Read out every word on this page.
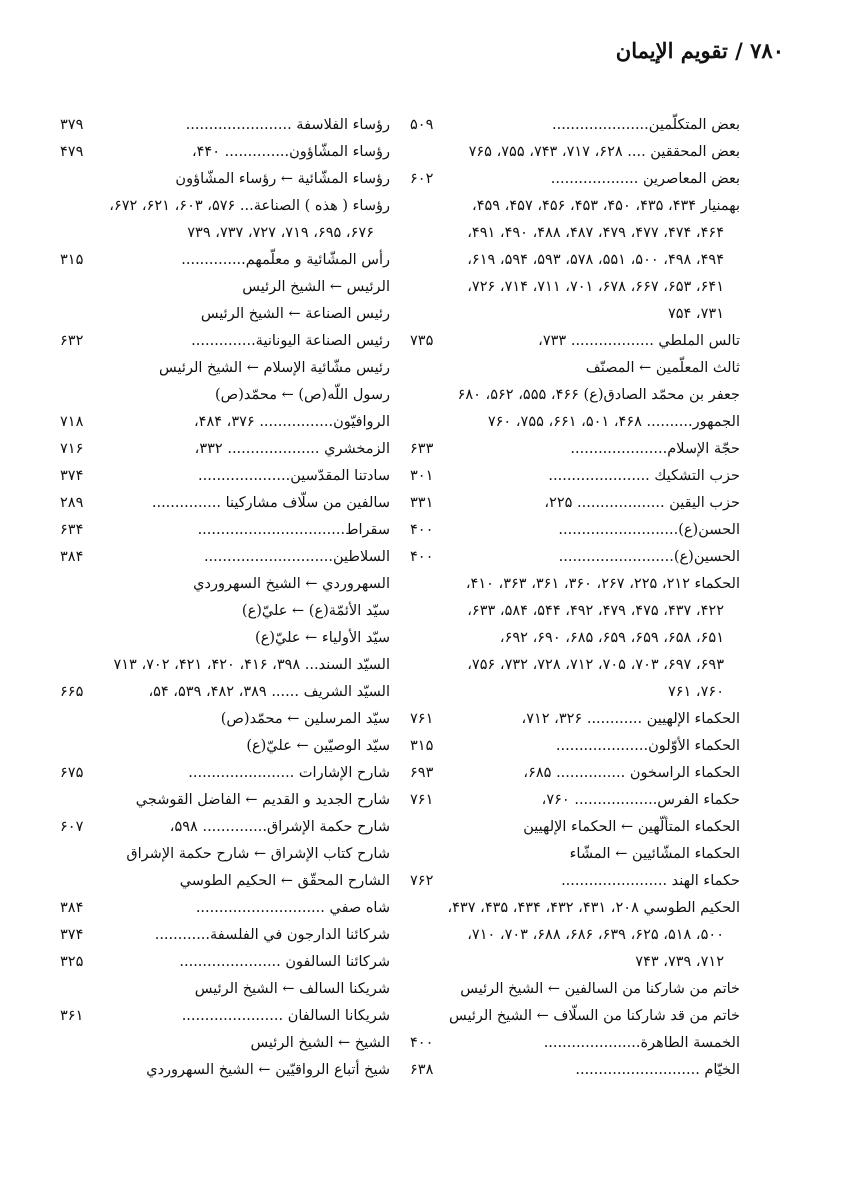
۷۸۰ / تقويم الإيمان
بعض المتكلّمين.....................
۵۰۹
بعض المحققين .... ۶۲۸، ۷۱۷، ۷۴۳، ۷۵۵، ۷۶۵
بعض المعاصرين ...................
۶۰۲
بهمنيار ۴۳۴، ۴۳۵، ۴۵۰، ۴۵۳، ۴۵۶، ۴۵۷، ۴۵۹،
۴۶۴، ۴۷۴، ۴۷۷، ۴۷۹، ۴۸۷، ۴۸۸، ۴۹۰، ۴۹۱،
۴۹۴، ۴۹۸، ۵۰۰، ۵۵۱، ۵۷۸، ۵۹۳، ۵۹۴، ۶۱۹،
۶۴۱، ۶۵۳، ۶۶۷، ۶۷۸، ۷۰۱، ۷۱۱، ۷۱۴، ۷۲۶،
۷۳۱، ۷۵۴
تالس الملطي .................. ۷۳۳،
۷۳۵
ثالث المعلّمين ← المصنّف
جعفر بن محمّد الصادق(ع) ۴۶۶، ۵۵۵، ۵۶۲، ۶۸۰
الجمهور.......... ۴۶۸، ۵۰۱، ۶۶۱، ۷۵۵، ۷۶۰
حجّة الإسلام.....................
۶۳۳
حزب التشكيك ......................
۳۰۱
حزب اليقين ................... ۲۲۵،
۳۳۱
الحسن(ع)..........................
۴۰۰
الحسين(ع).........................
۴۰۰
الحكماء ۲۱۲، ۲۲۵، ۲۶۷، ۳۶۰، ۳۶۱، ۳۶۳، ۴۱۰،
۴۲۲، ۴۳۷، ۴۷۵، ۴۷۹، ۴۹۲، ۵۴۴، ۵۸۴، ۶۳۳،
۶۵۱، ۶۵۸، ۶۵۹، ۶۵۹، ۶۸۵، ۶۹۰، ۶۹۲،
۶۹۳، ۶۹۷، ۷۰۳، ۷۰۵، ۷۱۲، ۷۲۸، ۷۳۲، ۷۵۶،
۷۶۰، ۷۶۱
الحكماء الإلهيين ............ ۳۲۶، ۷۱۲،
۷۶۱
الحكماء الأوّلون....................
۳۱۵
الحكماء الراسخون ............... ۶۸۵،
۶۹۳
حكماء الفرس.................. ۷۶۰،
۷۶۱
الحكماء المتألّهين ← الحكماء الإلهيين
الحكماء المشّائيين ← المشّاء
حكماء الهند .......................
۷۶۲
الحكيم الطوسي ۲۰۸، ۴۳۱، ۴۳۲، ۴۳۴، ۴۳۵، ۴۳۷،
۵۰۰، ۵۱۸، ۶۲۵، ۶۳۹، ۶۸۶، ۶۸۸، ۷۰۳، ۷۱۰،
۷۱۲، ۷۳۹، ۷۴۳
خاتم من شاركنا من السالفين ← الشيخ الرئيس
خاتم من قد شاركنا من السلّاف ← الشيخ الرئيس
الخمسة الطاهرة.....................
۴۰۰
الخيّام ...........................
۶۳۸
رؤساء الفلاسفة .......................
۳۷۹
رؤساء المشّاؤون.............. ۴۴۰،
۴۷۹
رؤساء المشّائية ← رؤساء المشّاؤون
رؤساء ( هذه ) الصناعة... ۵۷۶، ۶۰۳، ۶۲۱، ۶۷۲،
۶۷۶، ۶۹۵، ۷۱۹، ۷۲۷، ۷۳۷، ۷۳۹
رأس المشّائية و معلّمهم..............
۳۱۵
الرئيس ← الشيخ الرئيس
رئيس الصناعة ← الشيخ الرئيس
رئيس الصناعة اليونانية..............
۶۳۲
رئيس مشّائية الإسلام ← الشيخ الرئيس
رسول اللّه(ص) ← محمّد(ص)
الروافيّون................ ۳۷۶، ۴۸۴،
۷۱۸
الزمخشري .................... ۳۳۲،
۷۱۶
سادتنا المقدّسين....................
۳۷۴
سالفين من سلّاف مشاركينا ...............
۲۸۹
سقراط................................
۶۳۴
السلاطين............................
۳۸۴
السهروردي ← الشيخ السهروردي
سيّد الأئمّة(ع) ← عليّ(ع)
سيّد الأولياء ← عليّ(ع)
السيّد السند... ۳۹۸، ۴۱۶، ۴۲۰، ۴۲۱، ۷۰۲، ۷۱۳
السيّد الشريف ...... ۳۸۹، ۴۸۲، ۵۳۹، ۵۴،
۶۶۵
سيّد المرسلين ← محمّد(ص)
سيّد الوصيّين ← عليّ(ع)
شارح الإشارات .......................
۶۷۵
شارح الجديد و القديم ← الفاضل القوشجي
شارح حكمة الإشراق.............. ۵۹۸،
۶۰۷
شارح كتاب الإشراق ← شارح حكمة الإشراق
الشارح المحقّق ← الحكيم الطوسي
شاه صفي ............................
۳۸۴
شركائنا الدارجون في الفلسفة............
۳۷۴
شركائنا السالفون ......................
۳۲۵
شريكنا السالف ← الشيخ الرئيس
شريكانا السالفان ......................
۳۶۱
الشيخ ← الشيخ الرئيس
شيخ أتباع الرواقيّين ← الشيخ السهروردي
